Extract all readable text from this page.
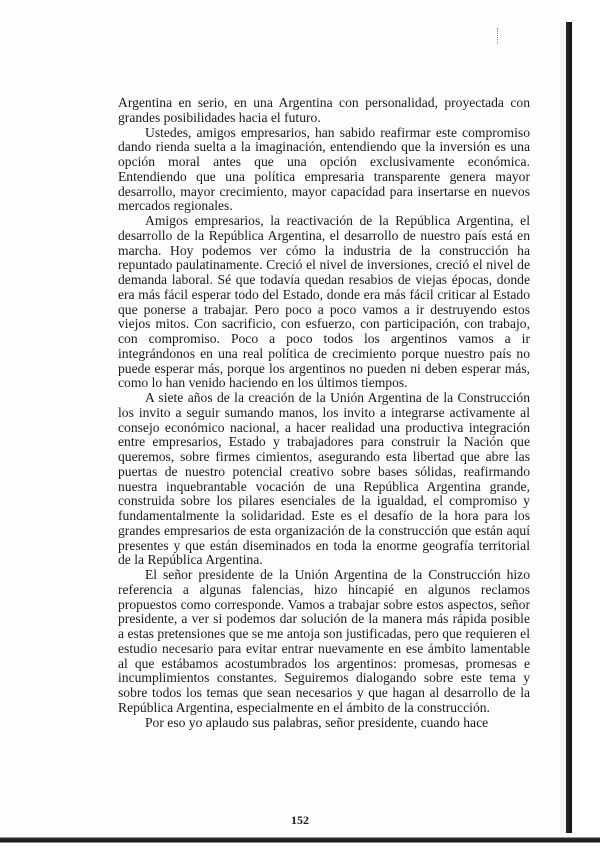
Argentina en serio, en una Argentina con personalidad, proyectada con grandes posibilidades hacia el futuro.

Ustedes, amigos empresarios, han sabido reafirmar este compromiso dando rienda suelta a la imaginación, entendiendo que la inversión es una opción moral antes que una opción exclusivamente económica. Entendiendo que una política empresaria transparente genera mayor desarrollo, mayor crecimiento, mayor capacidad para insertarse en nuevos mercados regionales.

Amigos empresarios, la reactivación de la República Argentina, el desarrollo de la República Argentina, el desarrollo de nuestro país está en marcha. Hoy podemos ver cómo la industria de la construcción ha repuntado paulatinamente. Creció el nivel de inversiones, creció el nivel de demanda laboral. Sé que todavía quedan resabios de viejas épocas, donde era más fácil esperar todo del Estado, donde era más fácil criticar al Estado que ponerse a trabajar. Pero poco a poco vamos a ir destruyendo estos viejos mitos. Con sacrificio, con esfuerzo, con participación, con trabajo, con compromiso. Poco a poco todos los argentinos vamos a ir integrándonos en una real política de crecimiento porque nuestro país no puede esperar más, porque los argentinos no pueden ni deben esperar más, como lo han venido haciendo en los últimos tiempos.

A siete años de la creación de la Unión Argentina de la Construcción los invito a seguir sumando manos, los invito a integrarse activamente al consejo económico nacional, a hacer realidad una productiva integración entre empresarios, Estado y trabajadores para construir la Nación que queremos, sobre firmes cimientos, asegurando esta libertad que abre las puertas de nuestro potencial creativo sobre bases sólidas, reafirmando nuestra inquebrantable vocación de una República Argentina grande, construida sobre los pilares esenciales de la igualdad, el compromiso y fundamentalmente la solidaridad. Este es el desafío de la hora para los grandes empresarios de esta organización de la construcción que están aquí presentes y que están diseminados en toda la enorme geografía territorial de la República Argentina.

El señor presidente de la Unión Argentina de la Construcción hizo referencia a algunas falencias, hizo hincapié en algunos reclamos propuestos como corresponde. Vamos a trabajar sobre estos aspectos, señor presidente, a ver si podemos dar solución de la manera más rápida posible a estas pretensiones que se me antoja son justificadas, pero que requieren el estudio necesario para evitar entrar nuevamente en ese ámbito lamentable al que estábamos acostumbrados los argentinos: promesas, promesas e incumplimientos constantes. Seguiremos dialogando sobre este tema y sobre todos los temas que sean necesarios y que hagan al desarrollo de la República Argentina, especialmente en el ámbito de la construcción.

Por eso yo aplaudo sus palabras, señor presidente, cuando hace

152
